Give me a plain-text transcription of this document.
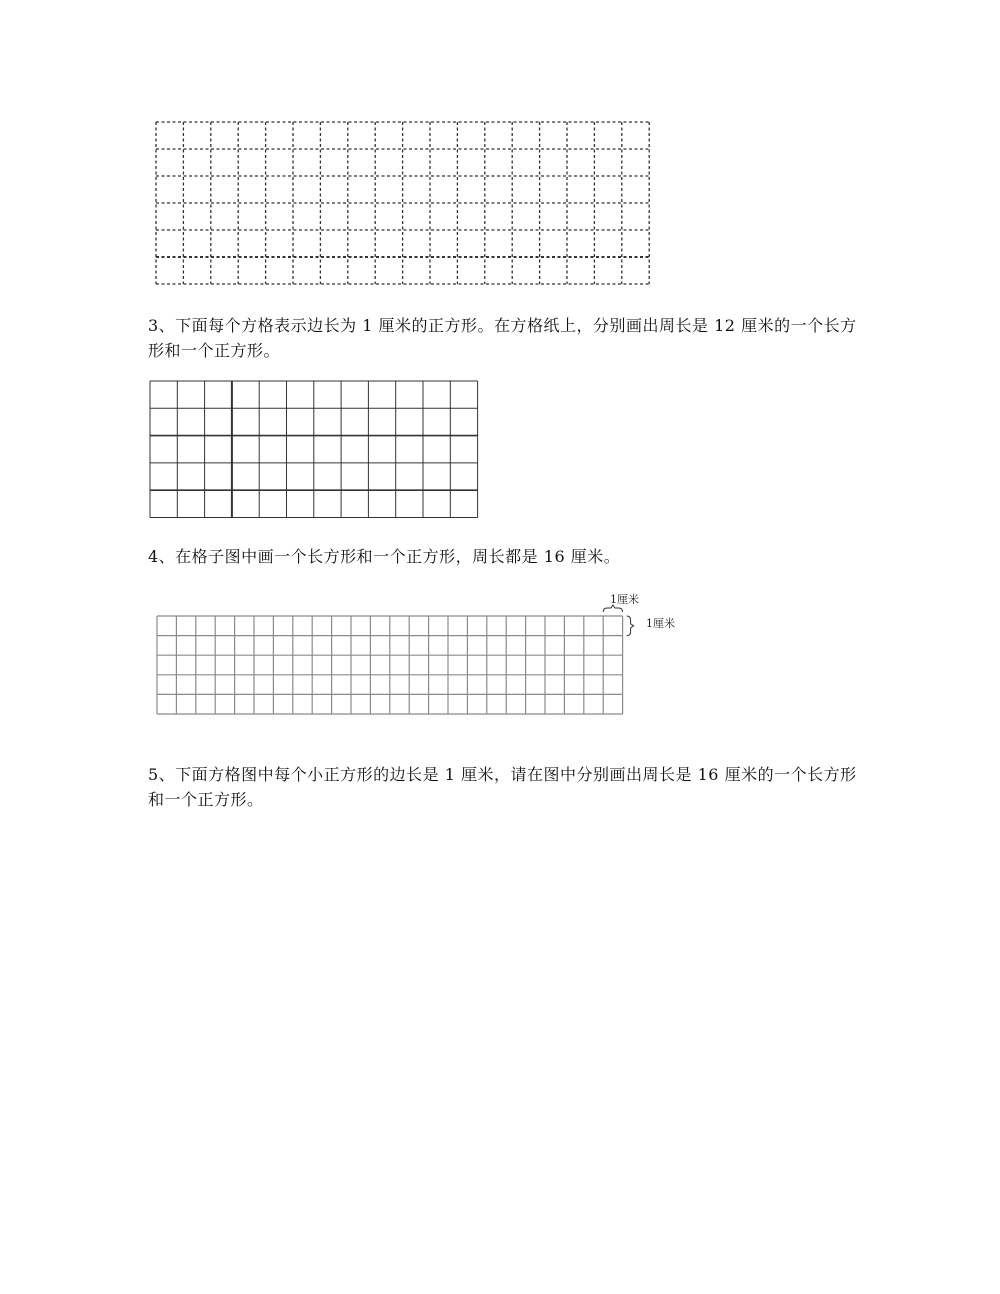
3、下面每个方格表示边长为 1 厘米的正方形。在方格纸上，分别画出周长是 12 厘米的一个长方形和一个正方形。

4、在格子图中画一个长方形和一个正方形，周长都是 16 厘米。

1厘米
1厘米

5、下面方格图中每个小正方形的边长是 1 厘米，请在图中分别画出周长是 16 厘米的一个长方形和一个正方形。
